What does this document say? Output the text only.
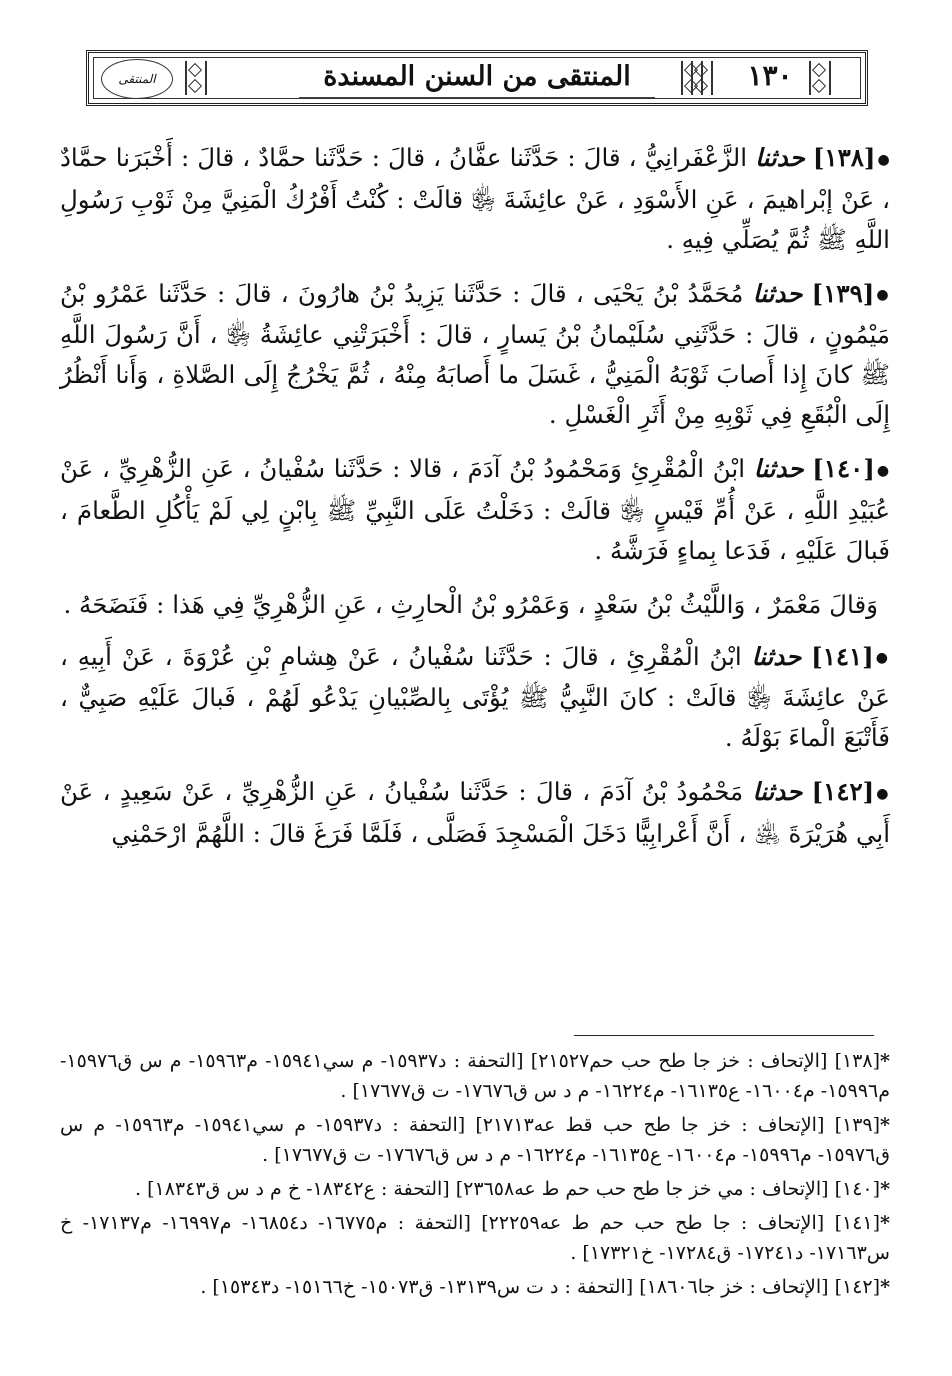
المنتقى	المنتقى من السنن المسندة	١٣٠

●[١٣٨] حدثنا الزَّعْفَرانِيُّ ، قالَ : حَدَّثَنا عفَّانُ ، قالَ : حَدَّثَنا حمَّادٌ ، قالَ : أَخْبَرَنا حمَّادٌ ، عَنْ إبْراهيمَ ، عَنِ الأَسْوَدِ ، عَنْ عائِشَةَ ﵂ قالَتْ : كُنْتُ أَفْرُكُ الْمَنِيَّ مِنْ ثَوْبِ رَسُولِ اللَّهِ ﷺ ثُمَّ يُصَلِّي فِيهِ .

●[١٣٩] حدثنا مُحَمَّدُ بْنُ يَحْيَى ، قالَ : حَدَّثَنا يَزِيدُ بْنُ هارُونَ ، قالَ : حَدَّثَنا عَمْرُو بْنُ مَيْمُونٍ ، قالَ : حَدَّثَنِي سُلَيْمانُ بْنُ يَسارٍ ، قالَ : أَخْبَرَتْنِي عائِشَةُ ﵂ ، أَنَّ رَسُولَ اللَّهِ ﷺ كانَ إِذا أَصابَ ثَوْبَهُ الْمَنِيُّ ، غَسَلَ ما أَصابَهُ مِنْهُ ، ثُمَّ يَخْرُجُ إِلَى الصَّلاةِ ، وَأَنا أَنْظُرُ إِلَى الْبُقَعِ فِي ثَوْبِهِ مِنْ أَثَرِ الْغَسْلِ .

●[١٤٠] حدثنا ابْنُ الْمُقْرِئِ وَمَحْمُودُ بْنُ آدَمَ ، قالا : حَدَّثَنا سُفْيانُ ، عَنِ الزُّهْرِيِّ ، عَنْ عُبَيْدِ اللَّهِ ، عَنْ أُمِّ قَيْسٍ ﵂ قالَتْ : دَخَلْتُ عَلَى النَّبِيِّ ﷺ بِابْنٍ لِي لَمْ يَأْكُلِ الطَّعامَ ، فَبالَ عَلَيْهِ ، فَدَعا بِماءٍ فَرَشَّهُ .

وَقالَ مَعْمَرٌ ، وَاللَّيْثُ بْنُ سَعْدٍ ، وَعَمْرُو بْنُ الْحارِثِ ، عَنِ الزُّهْرِيِّ فِي هَذا : فَنَضَحَهُ .

●[١٤١] حدثنا ابْنُ الْمُقْرِئِ ، قالَ : حَدَّثَنا سُفْيانُ ، عَنْ هِشامِ بْنِ عُرْوَةَ ، عَنْ أَبِيهِ ، عَنْ عائِشَةَ ﵂ قالَتْ : كانَ النَّبِيُّ ﷺ يُؤْتَى بِالصِّبْيانِ يَدْعُو لَهُمْ ، فَبالَ عَلَيْهِ صَبِيٌّ ، فَأَتْبَعَ الْماءَ بَوْلَهُ .

●[١٤٢] حدثنا مَحْمُودُ بْنُ آدَمَ ، قالَ : حَدَّثَنا سُفْيانُ ، عَنِ الزُّهْرِيِّ ، عَنْ سَعِيدٍ ، عَنْ أَبِي هُرَيْرَةَ ﵁ ، أَنَّ أَعْرابِيًّا دَخَلَ الْمَسْجِدَ فَصَلَّى ، فَلَمَّا فَرَغَ قالَ : اللَّهُمَّ ارْحَمْنِي

*[١٣٨] [الإتحاف : خز جا طح حب حم٢١٥٢٧] [التحفة : د١٥٩٣٧- م سي١٥٩٤١- م١٥٩٦٣- م س ق١٥٩٧٦- م١٥٩٩٦- م١٦٠٠٤- ع١٦١٣٥- م١٦٢٢٤- م د س ق١٧٦٧٦- ت ق١٧٦٧٧] .

*[١٣٩] [الإتحاف : خز جا طح حب قط عه٢١٧١٣] [التحفة : د١٥٩٣٧- م سي١٥٩٤١- م١٥٩٦٣- م س ق١٥٩٧٦- م١٥٩٩٦- م١٦٠٠٤- ع١٦١٣٥- م١٦٢٢٤- م د س ق١٧٦٧٦- ت ق١٧٦٧٧] .

*[١٤٠] [الإتحاف : مي خز جا طح حب حم ط عه٢٣٦٥٨] [التحفة : ع١٨٣٤٢- خ م د س ق١٨٣٤٣] .

*[١٤١] [الإتحاف : جا طح حب حم ط عه٢٢٢٥٩] [التحفة : م١٦٧٧٥- د١٦٨٥٤- م١٦٩٩٧- م١٧١٣٧- خ س١٧١٦٣- د١٧٢٤١- ق١٧٢٨٤- خ١٧٣٢١] .

*[١٤٢] [الإتحاف : خز جا١٨٦٠٦] [التحفة : د ت س١٣١٣٩- ق١٥٠٧٣- خ١٥١٦٦- د١٥٣٤٣] .
